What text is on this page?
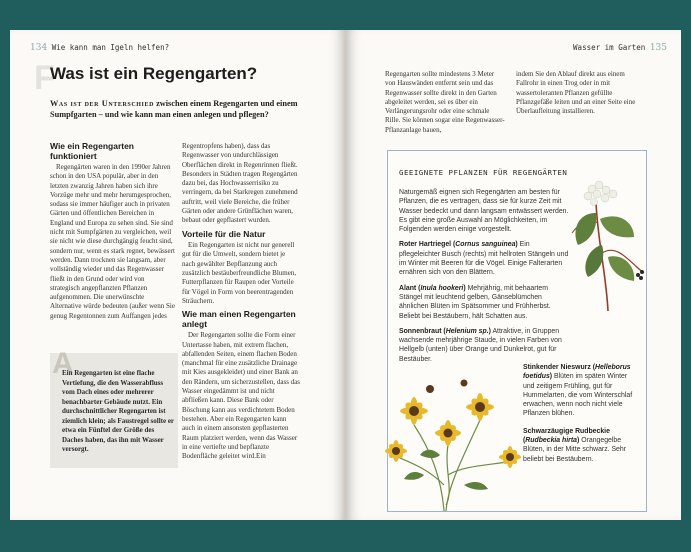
134 Wie kann man Igeln helfen?
F
Was ist ein Regengarten?
Was ist der Unterschied zwischen einem Regengarten und einem Sumpfgarten – und wie kann man einen anlegen und pflegen?
Wie ein Regengarten funktioniert

Regengärten waren in den 1990er Jahren schon in den USA populär, aber in den letzten zwanzig Jahren haben sich ihre Vorzüge mehr und mehr herumgesprochen, sodass sie immer häufiger auch in privaten Gärten und öffentlichen Bereichen in England und Europa zu sehen sind. Sie sind nicht mit Sumpfgärten zu vergleichen, weil sie nicht wie diese durchgängig feucht sind, sondern nur, wenn es stark regnet, bewässert werden. Dann trocknen sie langsam, aber vollständig wieder und das Regenwasser fließt in den Grund oder wird von strategisch angepflanzten Pflanzen aufgenommen. Die unerwünschte Alternative würde bedeuten (außer wenn Sie genug Regentonnen zum Auffangen jedes

Regentropfens haben), dass das Regenwasser von undurchlässigen Oberflächen direkt in Regenrinnen fließt. Besonders in Städten tragen Regengärten dazu bei, das Hochwasserrisiko zu verringern, da bei Starkregen zunehmend auftritt, weil viele Bereiche, die früher Gärten oder andere Grünflächen waren, bebaut oder gepflastert wurden.

Vorteile für die Natur

Ein Regengarten ist nicht nur generell gut für die Umwelt, sondern bietet je nach gewählter Bepflanzung auch zusätzlich bestäuberfreundliche Blumen, Futterpflanzen für Raupen oder Vorteile für Vögel in Form von beerentragenden Sträuchern.

Wie man einen Regengarten anlegt

Der Regengarten sollte die Form einer Untertasse haben, mit extrem flachen, abfallenden Seiten, einem flachen Boden (manchmal für eine zusätzliche Drainage mit Kies ausgekleidet) und einer Bank an den Rändern, um sicherzustellen, dass das Wasser eingedämmt ist und nicht abfließen kann. Diese Bank oder Böschung kann aus verdichtetem Boden bestehen. Aber ein Regengarten kann auch in einem ansonsten gepflasterten Raum platziert werden, wenn das Wasser in eine vertiefte und bepflanzte Bodenfläche geleitet wird.Ein

A
Ein Regengarten ist eine flache Vertiefung, die den Wasserabfluss vom Dach eines oder mehrerer benachbarter Gebäude nutzt. Ein durchschnittlicher Regengarten ist ziemlich klein; als Faustregel sollte er etwa ein Fünftel der Größe des Daches haben, das ihn mit Wasser versorgt.
Wasser im Garten 135
Regengarten sollte mindestens 3 Meter von Hauswänden entfernt sein und das Regenwasser sollte direkt in den Garten abgeleitet werden, sei es über ein Verlängerungsrohr oder eine schmale Rille. Sie können sogar eine Regenwasser-Pflanzanlage bauen,
indem Sie den Ablauf direkt aus einem Fallrohr in einen Trog oder in mit wassertoleranten Pflanzen gefüllte Pflanzgefäße leiten und an einer Seite eine Überlaufleitung installieren.
GEEIGNETE PFLANZEN FÜR REGENGÄRTEN

Naturgemäß eignen sich Regengärten am besten für Pflanzen, die es vertragen, dass sie für kurze Zeit mit Wasser bedeckt und dann langsam entwässert werden. Es gibt eine große Auswahl an Möglichkeiten, im Folgenden werden einige vorgestellt.

Roter Hartriegel (Cornus sanguinea) Ein pflegeleichter Busch (rechts) mit hellroten Stängeln und im Winter mit Beeren für die Vögel. Einige Falterarten ernähren sich von den Blättern.

Alant (Inula hookeri) Mehrjährig, mit behaartem Stängel mit leuchtend gelben, Gänseblümchen ähnlichen Blüten im Spätsommer und Frühherbst. Beliebt bei Bestäubern, hält Schatten aus.

Sonnenbraut (Helenium sp.) Attraktive, in Gruppen wachsende mehrjährige Staude, in vielen Farben von Hellgelb (unten) über Orange und Dunkelrot, gut für Bestäuber.

Stinkender Nieswurz (Helleborus foetidus) Blüten im späten Winter und zeitigem Frühling, gut für Hummelarten, die vom Winterschlaf erwachen, wenn noch nicht viele Pflanzen blühen.

Schwarzäugige Rudbeckie (Rudbeckia hirta) Orangegelbe Blüten, in der Mitte schwarz. Sehr beliebt bei Bestäubern.
